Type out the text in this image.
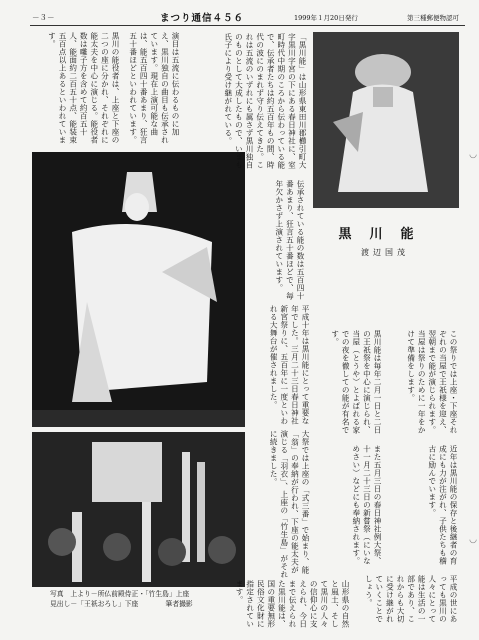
－３－	まつり通信４５６	1999年１月20日発行	第三種郵便物認可
黒川能
渡辺国茂
「黒川能」は山形県東田川郡櫛引町大字黒川字宮の下にある春日神社に、室町時代中期のころから伝わっている能で、伝承者たちは約五百年もの間、時代の波にのまれず守り伝えてきた。これは五流のいずれにも属さず黒川独自のものとして大成したもので、いまも氏子により受け継がれている。
黒川の能役者は、上座と下座の二つの座に分かれ、それぞれに能太夫を中心に演じる。能役者数は囃子方を含めて約百五十人、能面約二百五十点、能装束五百点以上あるといわれています。	演目は五流に伝わるものに加え、黒川独自の曲目も伝承されています。現在上演可能な曲は、能五百四十番あまり、狂言五十番ほどといわれています。
伝承されている能の数は五百四十番あまり、狂言五十番ほどで、毎年欠かさず上演されています。
平成十年は黒川能にとって重要な年でした。三月二十三日春日神社新宮祭りに、五百年に一度といわれる大舞台が催されました。
大祭では上座の「式三番」で始まり、能「翁」の奉納が行われ、下座の能太夫が演じる「羽衣」、上座の「竹生島」がそれに続きました。
黒川能は毎年二月一日と二日の王祇祭を中心に演じられ、当屋（とうや）とよばれる家での夜を徹しての能が有名です。	この祭りでは上座・下座それぞれの当屋で王祇様を迎え、翌朝まで能が演じられます。当屋は祭りのために一年をかけて準備をします。
また五月三日の春日神社例大祭、十一月二十三日の新嘗祭（にいなめさい）などにも奉納されます。	近年は黒川能の保存と後継者の育成にも力が注がれ、子供たちも稽古に励んでいます。
山形県の自然と風土、そして黒川の人々の信仰心に支えられ、今日まで伝えられた黒川能は、国の重要無形民俗文化財に指定されています。	平成の世にあっても黒川の人々にとって能は生活の一部であり、これからも大切に受け継がれていくことでしょう。
写真　上より－所仏前殿侍正・「竹生島」上座
見出し－「王祇おろし」下座　　　　筆者撮影
◡
◡
